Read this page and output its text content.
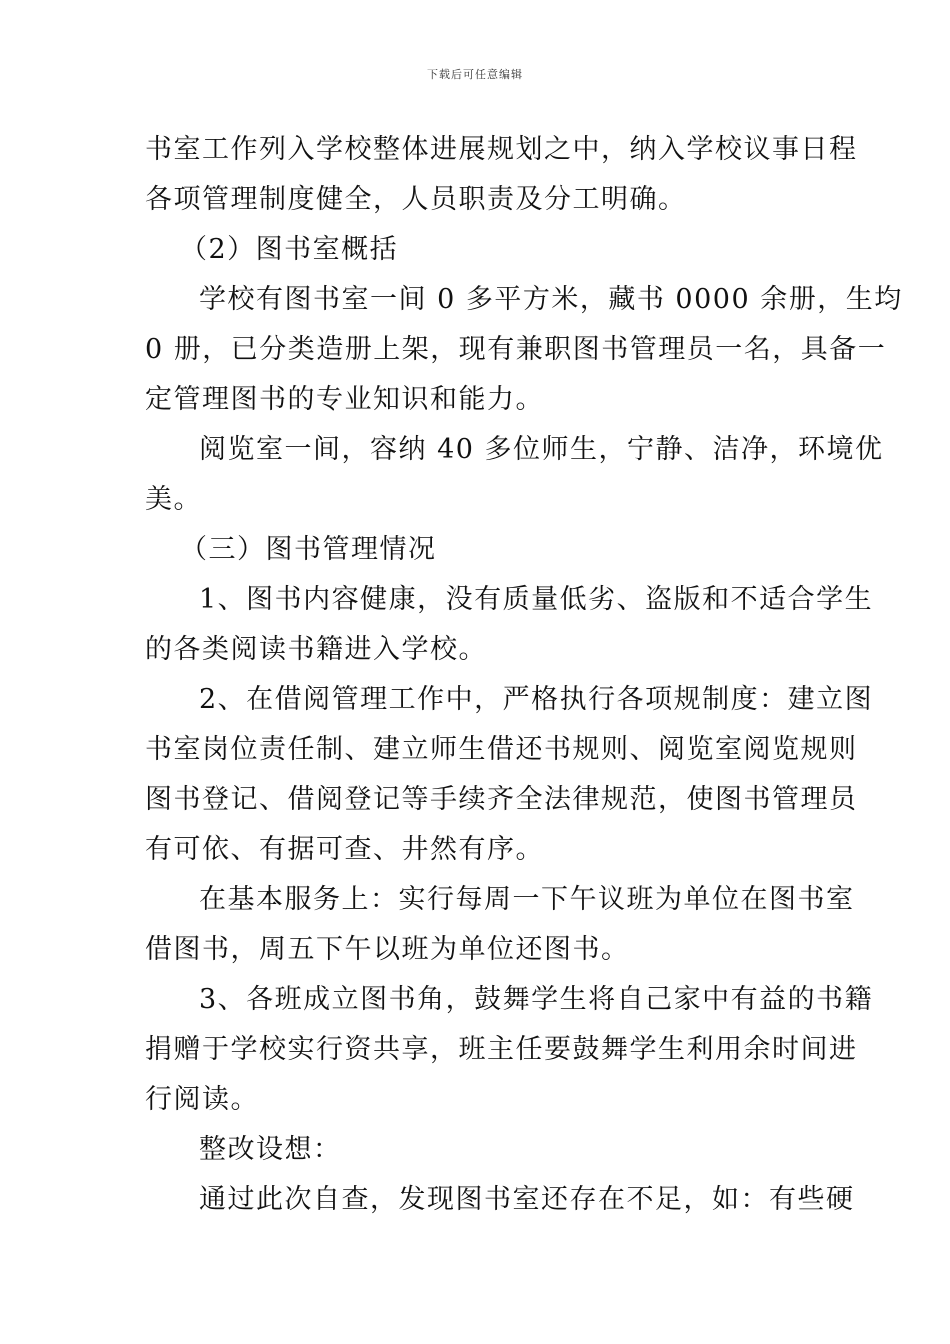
下载后可任意编辑
书室工作列入学校整体进展规划之中，纳入学校议事日程
各项管理制度健全，人员职责及分工明确。
（2）图书室概括
学校有图书室一间 0 多平方米，藏书 0000 余册，生均
0 册，已分类造册上架，现有兼职图书管理员一名，具备一
定管理图书的专业知识和能力。
阅览室一间，容纳 40 多位师生，宁静、洁净，环境优
美。
（三）图书管理情况
1、图书内容健康，没有质量低劣、盗版和不适合学生
的各类阅读书籍进入学校。
2、在借阅管理工作中，严格执行各项规制度：建立图
书室岗位责任制、建立师生借还书规则、阅览室阅览规则
图书登记、借阅登记等手续齐全法律规范，使图书管理员
有可依、有据可查、井然有序。
在基本服务上：实行每周一下午议班为单位在图书室
借图书，周五下午以班为单位还图书。
3、各班成立图书角，鼓舞学生将自己家中有益的书籍
捐赠于学校实行资共享，班主任要鼓舞学生利用余时间进
行阅读。
整改设想：
通过此次自查，发现图书室还存在不足，如：有些硬
